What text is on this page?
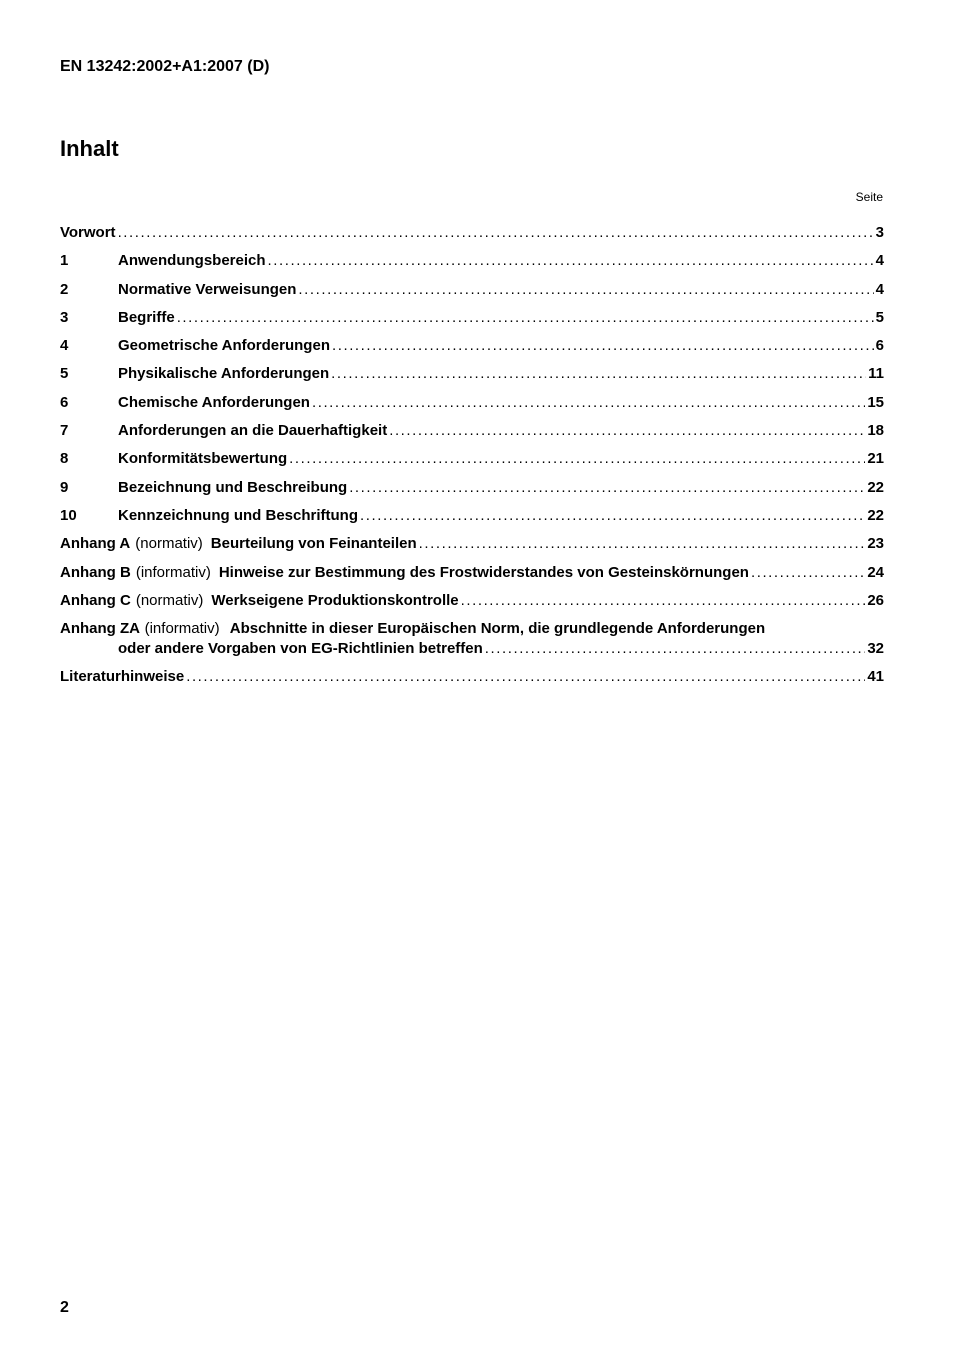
EN 13242:2002+A1:2007 (D)
Inhalt
Seite
Vorwort . . .	3
1	Anwendungsbereich . . .	4
2	Normative Verweisungen . . .	4
3	Begriffe . . .	5
4	Geometrische Anforderungen . . .	6
5	Physikalische Anforderungen . . .	11
6	Chemische Anforderungen . . .	15
7	Anforderungen an die Dauerhaftigkeit . . .	18
8	Konformitätsbewertung . . .	21
9	Bezeichnung und Beschreibung . . .	22
10	Kennzeichnung und Beschriftung . . .	22
Anhang A (normativ) Beurteilung von Feinanteilen . . .	23
Anhang B (informativ) Hinweise zur Bestimmung des Frostwiderstandes von Gesteinskörnungen . . .	24
Anhang C (normativ) Werkseigene Produktionskontrolle . . .	26
Anhang ZA (informativ) Abschnitte in dieser Europäischen Norm, die grundlegende Anforderungen
oder andere Vorgaben von EG-Richtlinien betreffen . . .	32
Literaturhinweise . . .	41
2
